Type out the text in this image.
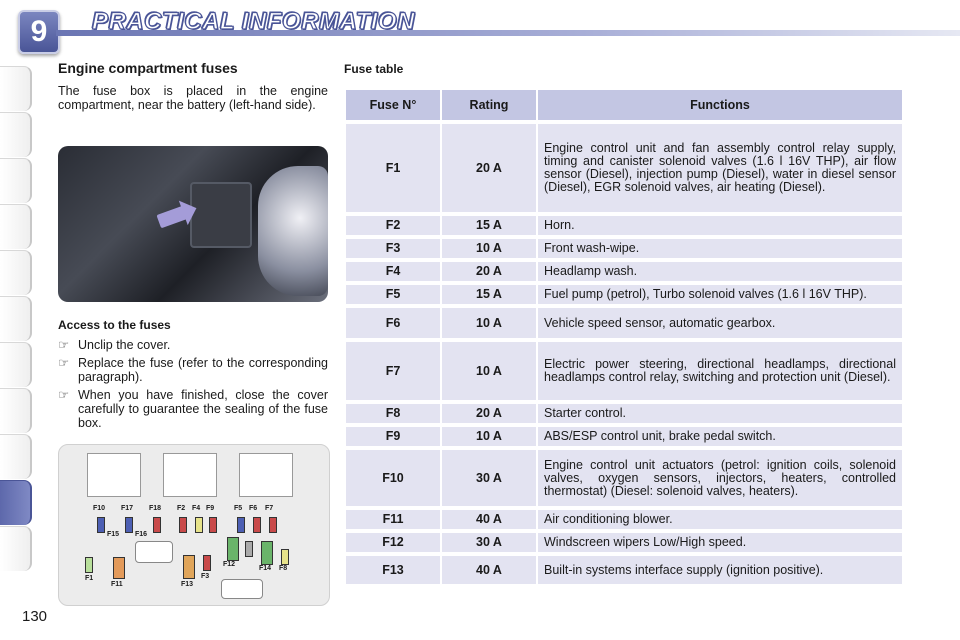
9	PRACTICAL INFORMATION
130
Engine compartment fuses

The fuse box is placed in the engine compartment, near the battery (left-hand side).

Access to the fuses
☞ Unclip the cover.
☞ Replace the fuse (refer to the corresponding paragraph).
☞ When you have finished, close the cover carefully to guarantee the sealing of the fuse box.
F10 F17 F18 F2 F4 F9	F5 F6 F7
F15 F16
F1
F11	F13
F3
F12
F14 F8
Fuse table
Fuse N°	Rating	Functions
F1	20 A	Engine control unit and fan assembly control relay supply, timing and canister solenoid valves (1.6 l 16V THP), air flow sensor (Diesel), injection pump (Diesel), water in diesel sensor (Diesel), EGR solenoid valves, air heating (Diesel).
F2	15 A	Horn.
F3	10 A	Front wash-wipe.
F4	20 A	Headlamp wash.
F5	15 A	Fuel pump (petrol), Turbo solenoid valves (1.6 l 16V THP).
F6	10 A	Vehicle speed sensor, automatic gearbox.
F7	10 A	Electric power steering, directional headlamps, directional headlamps control relay, switching and protection unit (Diesel).
F8	20 A	Starter control.
F9	10 A	ABS/ESP control unit, brake pedal switch.
F10	30 A	Engine control unit actuators (petrol: ignition coils, solenoid valves, oxygen sensors, injectors, heaters, controlled thermostat) (Diesel: solenoid valves, heaters).
F11	40 A	Air conditioning blower.
F12	30 A	Windscreen wipers Low/High speed.
F13	40 A	Built-in systems interface supply (ignition positive).
